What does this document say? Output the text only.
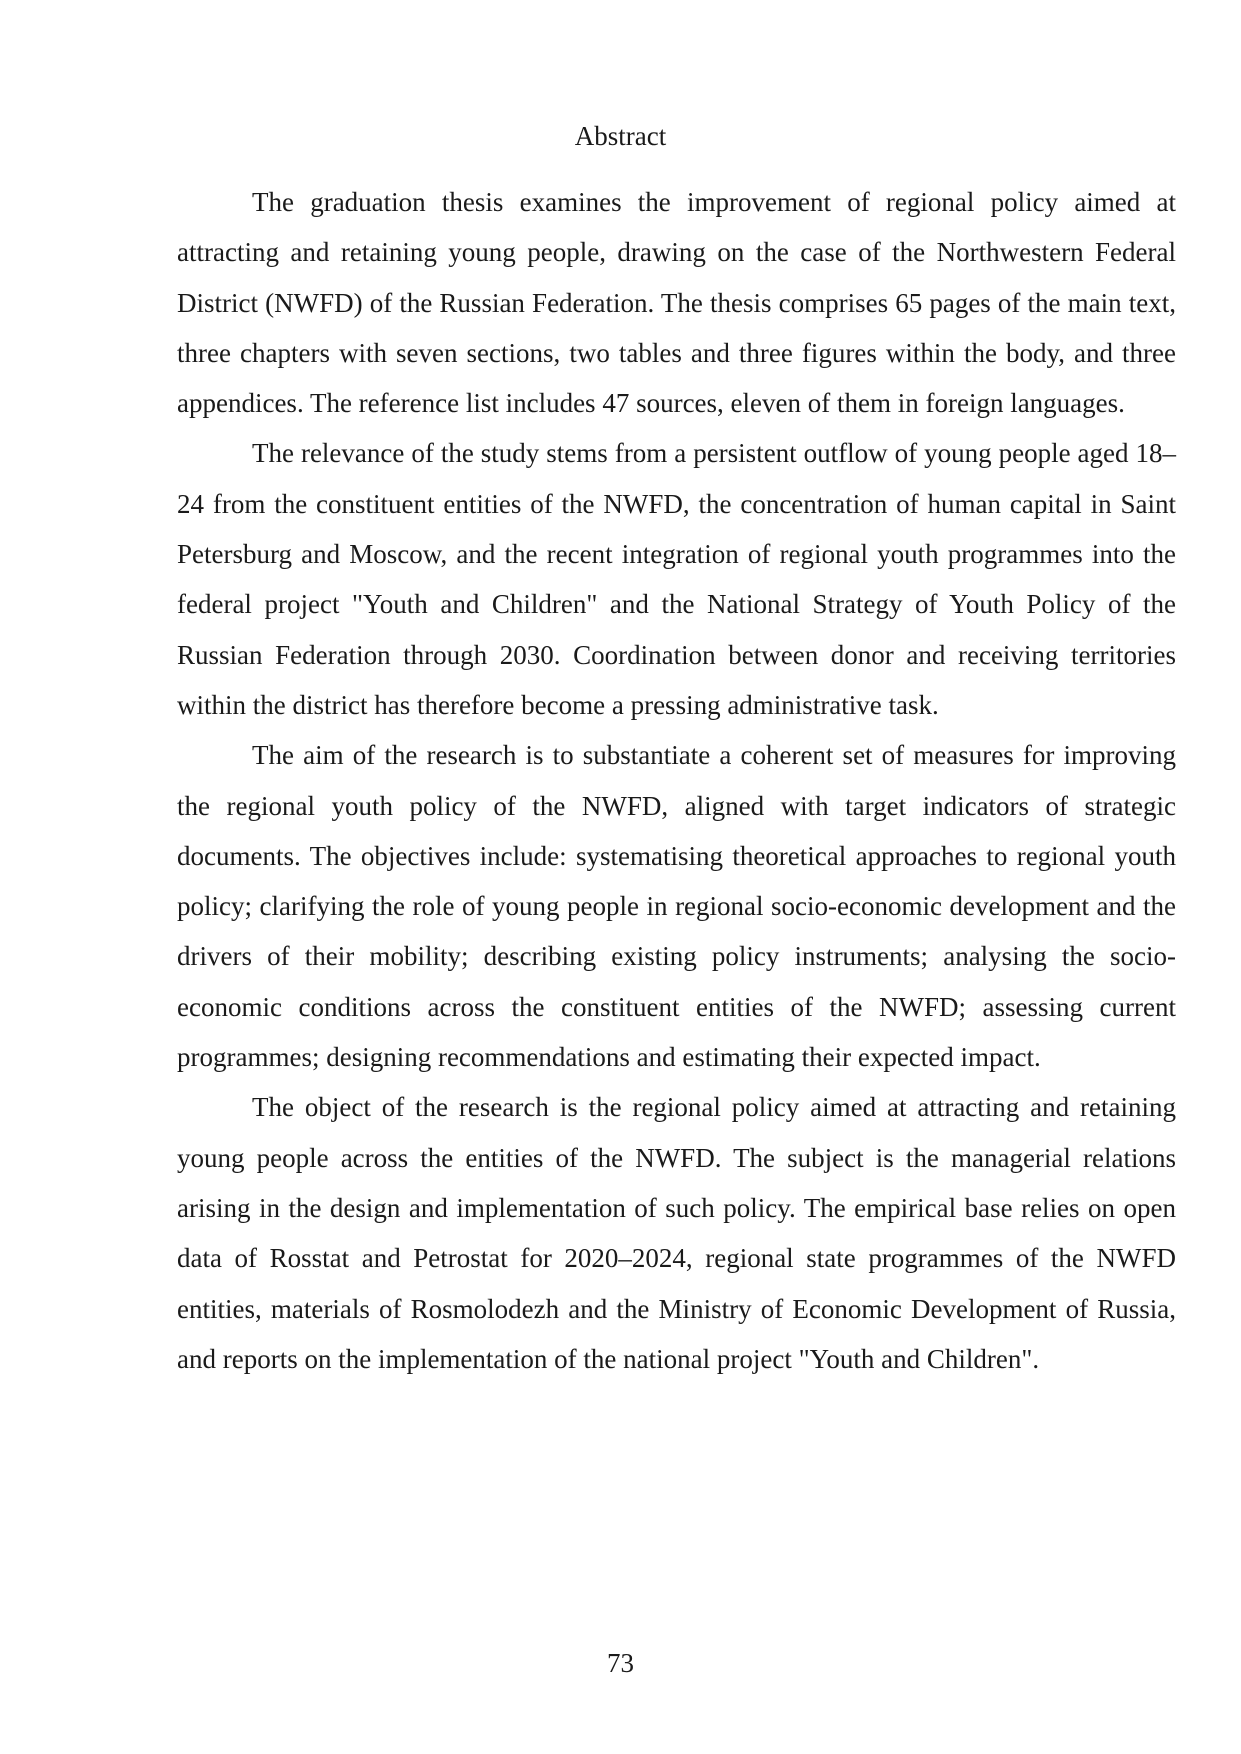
Abstract

The graduation thesis examines the improvement of regional policy aimed at attracting and retaining young people, drawing on the case of the Northwestern Federal District (NWFD) of the Russian Federation. The thesis comprises 65 pages of the main text, three chapters with seven sections, two tables and three figures within the body, and three appendices. The reference list includes 47 sources, eleven of them in foreign languages.

The relevance of the study stems from a persistent outflow of young people aged 18–24 from the constituent entities of the NWFD, the concentration of human capital in Saint Petersburg and Moscow, and the recent integration of regional youth programmes into the federal project "Youth and Children" and the National Strategy of Youth Policy of the Russian Federation through 2030. Coordination between donor and receiving territories within the district has therefore become a pressing administrative task.

The aim of the research is to substantiate a coherent set of measures for improving the regional youth policy of the NWFD, aligned with target indicators of strategic documents. The objectives include: systematising theoretical approaches to regional youth policy; clarifying the role of young people in regional socio-economic development and the drivers of their mobility; describing existing policy instruments; analysing the socio-economic conditions across the constituent entities of the NWFD; assessing current programmes; designing recommendations and estimating their expected impact.

The object of the research is the regional policy aimed at attracting and retaining young people across the entities of the NWFD. The subject is the managerial relations arising in the design and implementation of such policy. The empirical base relies on open data of Rosstat and Petrostat for 2020–2024, regional state programmes of the NWFD entities, materials of Rosmolodezh and the Ministry of Economic Development of Russia, and reports on the implementation of the national project "Youth and Children".

73
